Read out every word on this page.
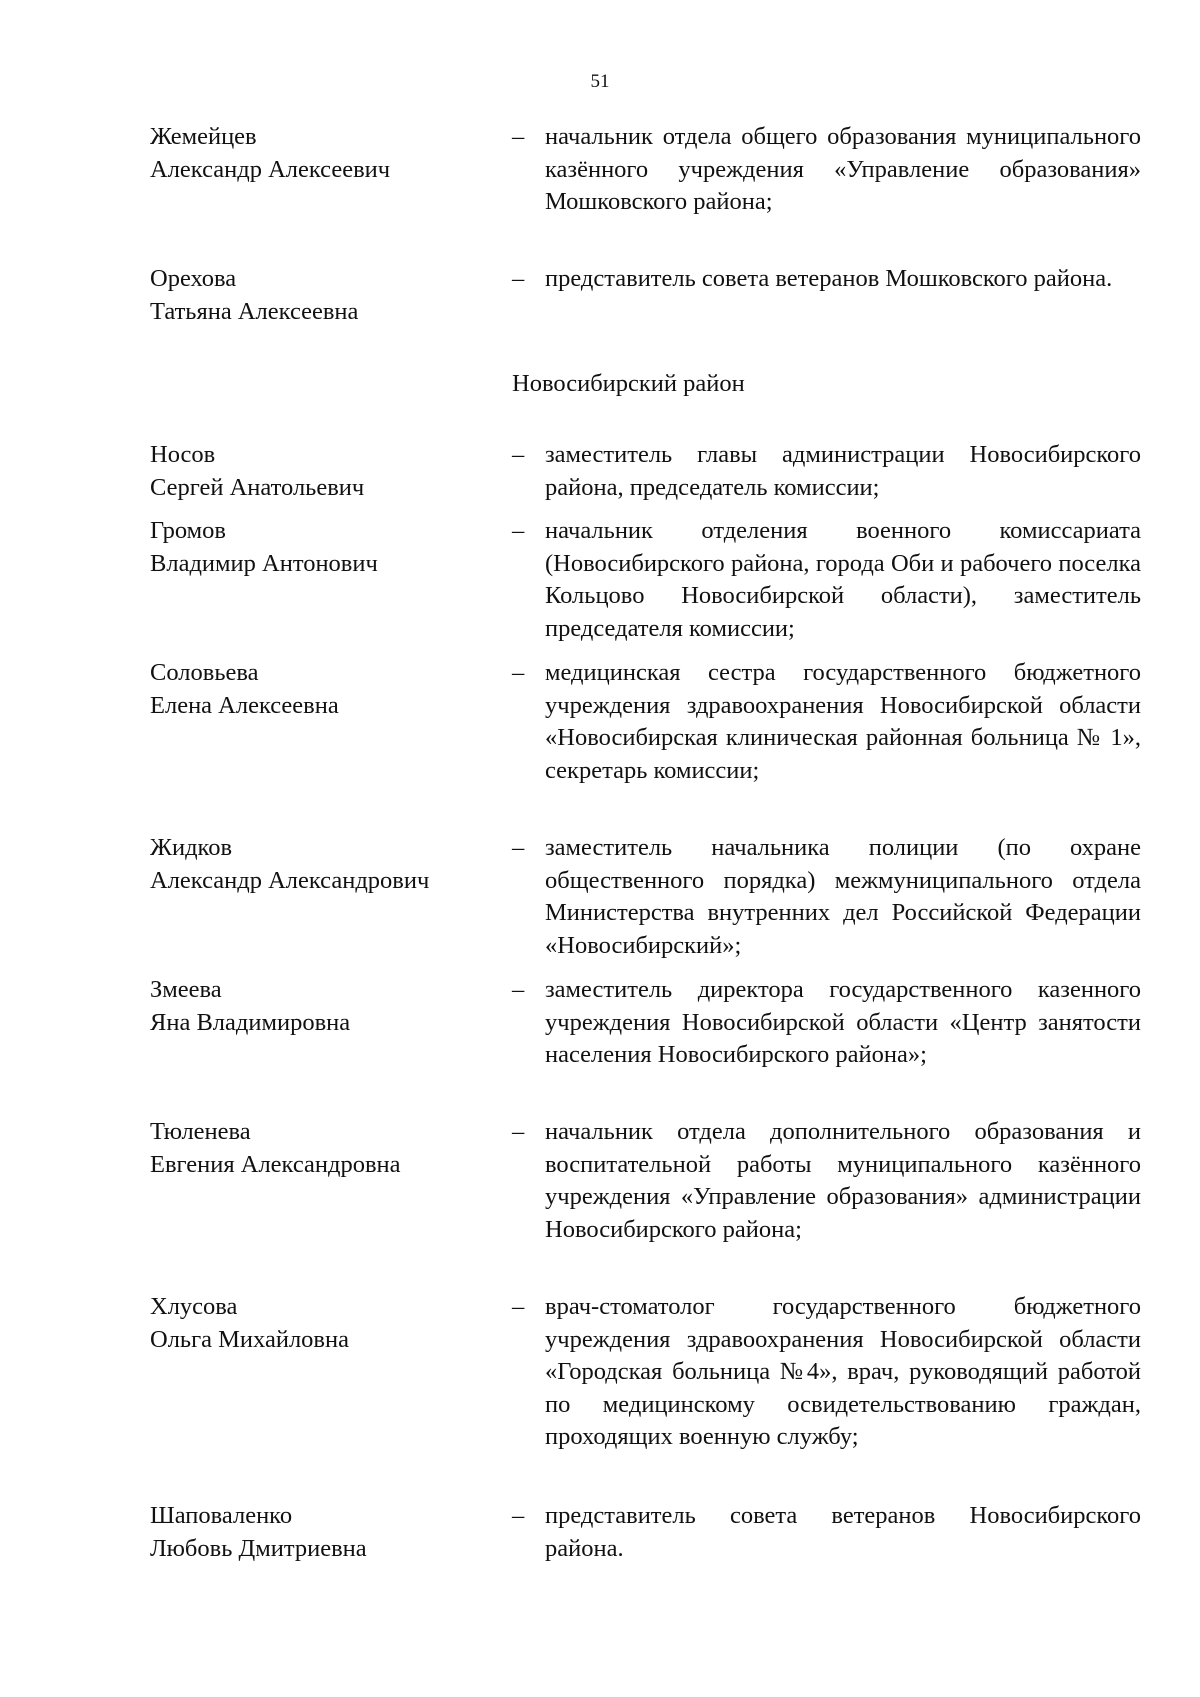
51
Жемейцев
Александр Алексеевич
– начальник отдела общего образования муниципального казённого учреждения «Управление образования» Мошковского района;
Орехова
Татьяна Алексеевна
– представитель совета ветеранов Мошковского района.
Новосибирский район
Носов
Сергей Анатольевич
– заместитель главы администрации Новосибирского района, председатель комиссии;
Громов
Владимир Антонович
– начальник отделения военного комиссариата (Новосибирского района, города Оби и рабочего поселка Кольцово Новосибирской области), заместитель председателя комиссии;
Соловьева
Елена Алексеевна
– медицинская сестра государственного бюджетного учреждения здравоохранения Новосибирской области «Новосибирская клиническая районная больница № 1», секретарь комиссии;
Жидков
Александр Александрович
– заместитель начальника полиции (по охране общественного порядка) межмуниципального отдела Министерства внутренних дел Российской Федерации «Новосибирский»;
Змеева
Яна Владимировна
– заместитель директора государственного казенного учреждения Новосибирской области «Центр занятости населения Новосибирского района»;
Тюленева
Евгения Александровна
– начальник отдела дополнительного образования и воспитательной работы муниципального казённого учреждения «Управление образования» администрации Новосибирского района;
Хлусова
Ольга Михайловна
– врач-стоматолог государственного бюджетного учреждения здравоохранения Новосибирской области «Городская больница №4», врач, руководящий работой по медицинскому освидетельствованию граждан, проходящих военную службу;
Шаповаленко
Любовь Дмитриевна
– представитель совета ветеранов Новосибирского района.
